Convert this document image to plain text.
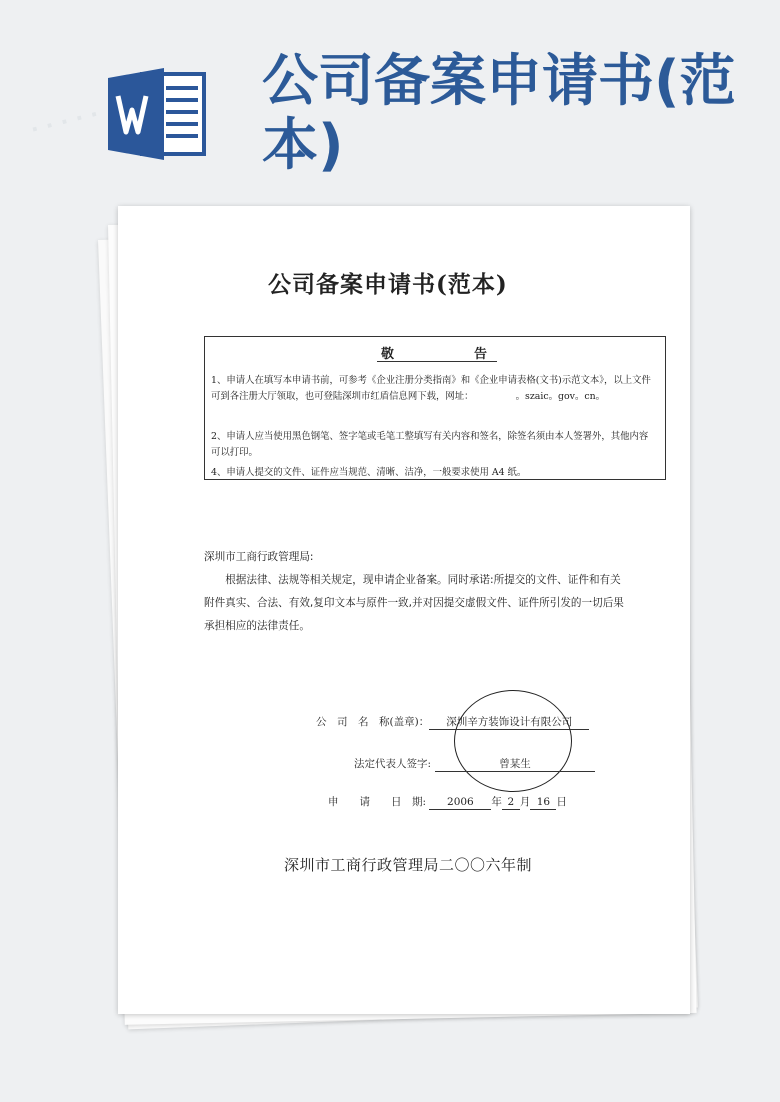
公司备案申请书(范本)
· · · · ·
公司备案申请书(范本)
敬	告

1、申请人在填写本申请书前，可参考《企业注册分类指南》和《企业申请表格(文书)示范文本》，以上文件可到各注册大厅领取，也可登陆深圳市红盾信息网下载，网址：　　　　　。szaic。gov。cn。

2、申请人应当使用黑色钢笔、签字笔或毛笔工整填写有关内容和签名，除签名须由本人签署外，其他内容可以打印。

4、申请人提交的文件、证件应当规范、清晰、洁净，一般要求使用 A4 纸。

深圳市工商行政管理局:

根据法律、法规等相关规定，现申请企业备案。同时承诺:所提交的文件、证件和有关附件真实、合法、有效,复印文本与原件一致,并对因提交虚假文件、证件所引发的一切后果承担相应的法律责任。

公　司　名　称(盖章)： 深圳辛方装饰设计有限公司
法定代表人签字:	曾某生
申　　请　　日　期: 2006 年 2 月 16 日

深圳市工商行政管理局二〇〇六年制
